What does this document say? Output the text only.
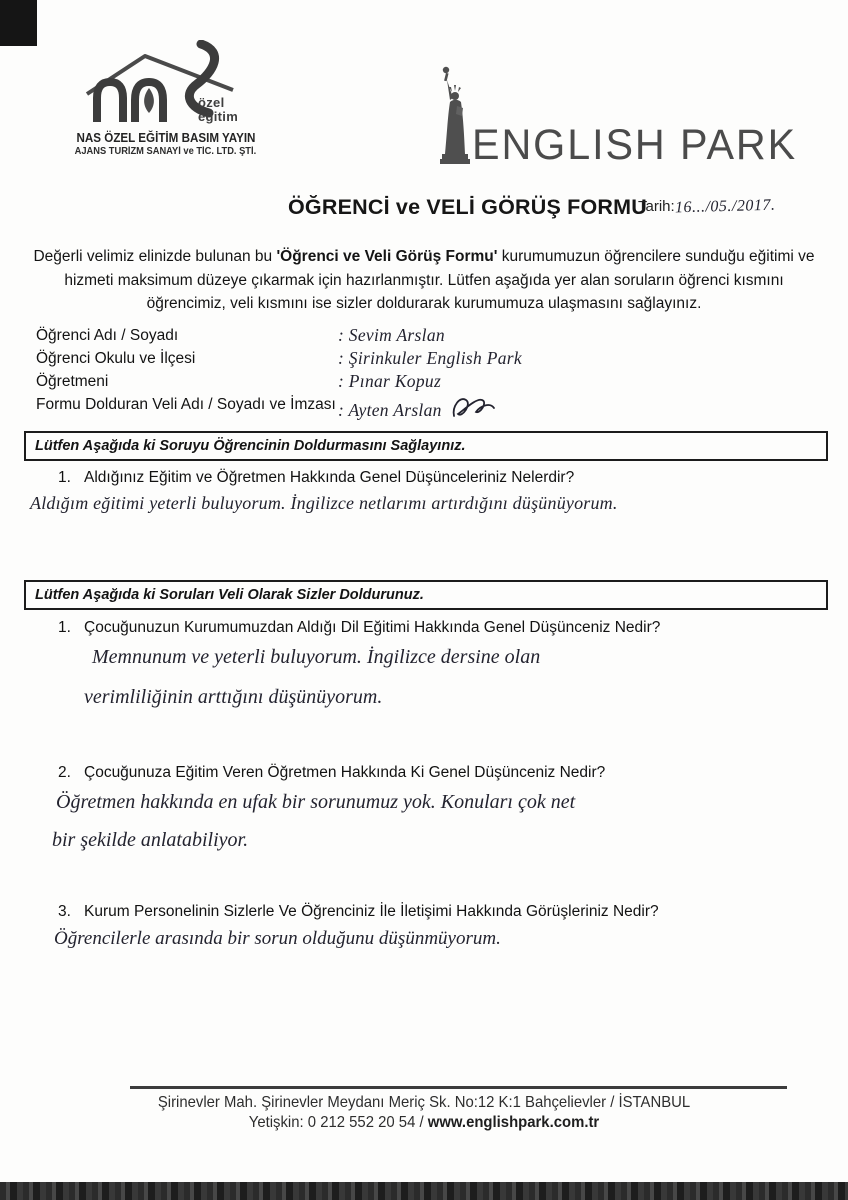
özel
eğitim
NAS ÖZEL EĞİTİM BASIM YAYIN
AJANS TURİZM SANAYİ ve TİC. LTD. ŞTİ.	ENGLISH PARK
ÖĞRENCİ ve VELİ GÖRÜŞ FORMU
Tarih:16.../05./2017.
Değerli velimiz elinizde bulunan bu 'Öğrenci ve Veli Görüş Formu' kurumumuzun öğrencilere sunduğu eğitimi ve hizmeti maksimum düzeye çıkarmak için hazırlanmıştır. Lütfen aşağıda yer alan soruların öğrenci kısmını öğrencimiz, veli kısmını ise sizler doldurarak kurumumuza ulaşmasını sağlayınız.
Öğrenci Adı / Soyadı	: Sevim Arslan
Öğrenci Okulu ve İlçesi	: Şirinkuler English Park
Öğretmeni	: Pınar Kopuz
Formu Dolduran Veli Adı / Soyadı ve İmzası : Ayten Arslan
Lütfen Aşağıda ki Soruyu Öğrencinin Doldurmasını Sağlayınız.
1. Aldığınız Eğitim ve Öğretmen Hakkında Genel Düşünceleriniz Nelerdir?
Aldığım eğitimi yeterli buluyorum. İngilizce netlarımı artırdığını düşünüyorum.
Lütfen Aşağıda ki Soruları Veli Olarak Sizler Doldurunuz.
1. Çocuğunuzun Kurumumuzdan Aldığı Dil Eğitimi Hakkında Genel Düşünceniz Nedir?
Memnunum ve yeterli buluyorum. İngilizce dersine olan
verimliliğinin arttığını düşünüyorum.
2. Çocuğunuza Eğitim Veren Öğretmen Hakkında Ki Genel Düşünceniz Nedir?
Öğretmen hakkında en ufak bir sorunumuz yok. Konuları çok net
bir şekilde anlatabiliyor.
3. Kurum Personelinin Sizlerle Ve Öğrenciniz İle İletişimi Hakkında Görüşleriniz Nedir?
Öğrencilerle arasında bir sorun olduğunu düşünmüyorum.
Şirinevler Mah. Şirinevler Meydanı Meriç Sk. No:12 K:1 Bahçelievler / İSTANBUL
Yetişkin: 0 212 552 20 54 / www.englishpark.com.tr
